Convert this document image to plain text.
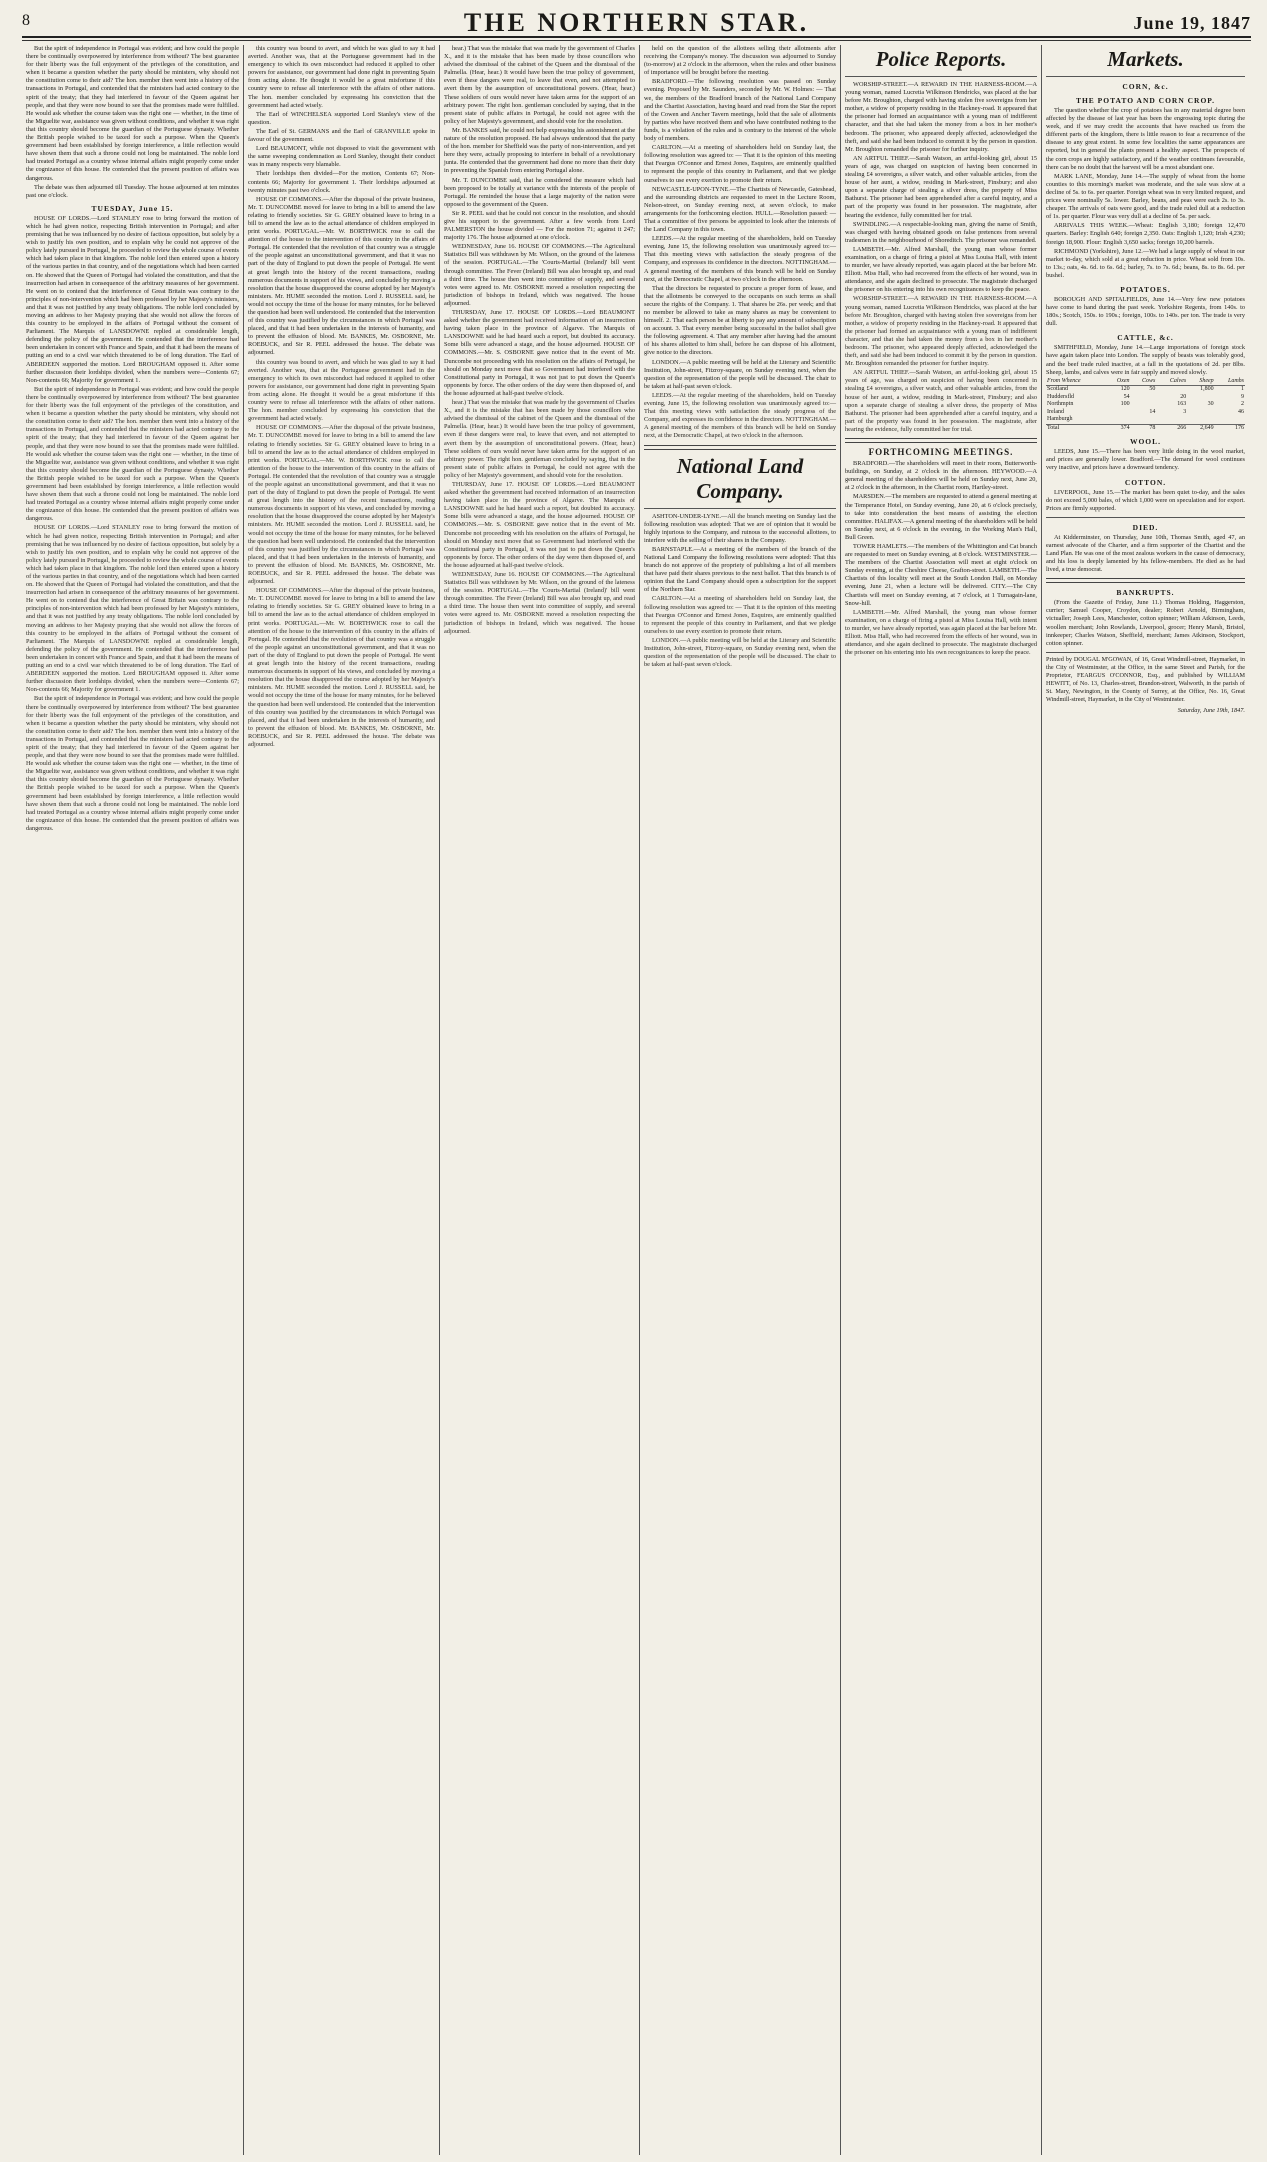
8	THE NORTHERN STAR.	June 19, 1847

But the spirit of independence in Portugal was evident; and how could the people there be continually overpowered by interference from without? The best guarantee for their liberty was the full enjoyment of the privileges of the constitution, and when it became a question whether the party should be ministers, why should not the constitution come to their aid? The hon. member then went into a history of the transactions in Portugal, and contended that the ministers had acted contrary to the spirit of the treaty; that they had interfered in favour of the Queen against her people, and that they were now bound to see that the promises made were fulfilled. He would ask whether the course taken was the right one — whether, in the time of the Miguelite war, assistance was given without conditions, and whether it was right that this country should become the guardian of the Portuguese dynasty. Whether the British people wished to be taxed for such a purpose. When the Queen's government had been established by foreign interference, a little reflection would have shown them that such a throne could not long be maintained. The noble lord had treated Portugal as a country whose internal affairs might properly come under the cognizance of this house. He contended that the present position of affairs was dangerous.

The debate was then adjourned till Tuesday. The house adjourned at ten minutes past one o'clock.

TUESDAY, June 15.

HOUSE OF LORDS.—Lord STANLEY rose to bring forward the motion of which he had given notice, respecting British intervention in Portugal; and after premising that he was influenced by no desire of factious opposition, but solely by a wish to justify his own position, and to explain why he could not approve of the policy lately pursued in Portugal, he proceeded to review the whole course of events which had taken place in that kingdom. The noble lord then entered upon a history of the various parties in that country, and of the negotiations which had been carried on. He showed that the Queen of Portugal had violated the constitution, and that the insurrection had arisen in consequence of the arbitrary measures of her government. He went on to contend that the interference of Great Britain was contrary to the principles of non-intervention which had been professed by her Majesty's ministers, and that it was not justified by any treaty obligations. The noble lord concluded by moving an address to her Majesty praying that she would not allow the forces of this country to be employed in the affairs of Portugal without the consent of Parliament. The Marquis of LANSDOWNE replied at considerable length, defending the policy of the government. He contended that the interference had been undertaken in concert with France and Spain, and that it had been the means of putting an end to a civil war which threatened to be of long duration. The Earl of ABERDEEN supported the motion. Lord BROUGHAM opposed it. After some further discussion their lordships divided, when the numbers were—Contents 67; Non-contents 66; Majority for government 1.

But the spirit of independence in Portugal was evident; and how could the people there be continually overpowered by interference from without? The best guarantee for their liberty was the full enjoyment of the privileges of the constitution, and when it became a question whether the party should be ministers, why should not the constitution come to their aid? The hon. member then went into a history of the transactions in Portugal, and contended that the ministers had acted contrary to the spirit of the treaty; that they had interfered in favour of the Queen against her people, and that they were now bound to see that the promises made were fulfilled. He would ask whether the course taken was the right one — whether, in the time of the Miguelite war, assistance was given without conditions, and whether it was right that this country should become the guardian of the Portuguese dynasty. Whether the British people wished to be taxed for such a purpose. When the Queen's government had been established by foreign interference, a little reflection would have shown them that such a throne could not long be maintained. The noble lord had treated Portugal as a country whose internal affairs might properly come under the cognizance of this house. He contended that the present position of affairs was dangerous.

HOUSE OF LORDS.—Lord STANLEY rose to bring forward the motion of which he had given notice, respecting British intervention in Portugal; and after premising that he was influenced by no desire of factious opposition, but solely by a wish to justify his own position, and to explain why he could not approve of the policy lately pursued in Portugal, he proceeded to review the whole course of events which had taken place in that kingdom. The noble lord then entered upon a history of the various parties in that country, and of the negotiations which had been carried on. He showed that the Queen of Portugal had violated the constitution, and that the insurrection had arisen in consequence of the arbitrary measures of her government. He went on to contend that the interference of Great Britain was contrary to the principles of non-intervention which had been professed by her Majesty's ministers, and that it was not justified by any treaty obligations. The noble lord concluded by moving an address to her Majesty praying that she would not allow the forces of this country to be employed in the affairs of Portugal without the consent of Parliament. The Marquis of LANSDOWNE replied at considerable length, defending the policy of the government. He contended that the interference had been undertaken in concert with France and Spain, and that it had been the means of putting an end to a civil war which threatened to be of long duration. The Earl of ABERDEEN supported the motion. Lord BROUGHAM opposed it. After some further discussion their lordships divided, when the numbers were—Contents 67; Non-contents 66; Majority for government 1.

But the spirit of independence in Portugal was evident; and how could the people there be continually overpowered by interference from without? The best guarantee for their liberty was the full enjoyment of the privileges of the constitution, and when it became a question whether the party should be ministers, why should not the constitution come to their aid? The hon. member then went into a history of the transactions in Portugal, and contended that the ministers had acted contrary to the spirit of the treaty; that they had interfered in favour of the Queen against her people, and that they were now bound to see that the promises made were fulfilled. He would ask whether the course taken was the right one — whether, in the time of the Miguelite war, assistance was given without conditions, and whether it was right that this country should become the guardian of the Portuguese dynasty. Whether the British people wished to be taxed for such a purpose. When the Queen's government had been established by foreign interference, a little reflection would have shown them that such a throne could not long be maintained. The noble lord had treated Portugal as a country whose internal affairs might properly come under the cognizance of this house. He contended that the present position of affairs was dangerous.

this country was bound to avert, and which he was glad to say it had averted. Another was, that at the Portuguese government had in the emergency to which its own misconduct had reduced it applied to other powers for assistance, our government had done right in preventing Spain from acting alone. He thought it would be a great misfortune if this country were to refuse all interference with the affairs of other nations. The hon. member concluded by expressing his conviction that the government had acted wisely.

The Earl of WINCHELSEA supported Lord Stanley's view of the question.

The Earl of St. GERMANS and the Earl of GRANVILLE spoke in favour of the government.

Lord BEAUMONT, while not disposed to visit the government with the same sweeping condemnation as Lord Stanley, thought their conduct was in many respects very blamable.

Their lordships then divided—For the motion, Contents 67; Non-contents 66; Majority for government 1. Their lordships adjourned at twenty minutes past two o'clock.

HOUSE OF COMMONS.—After the disposal of the private business, Mr. T. DUNCOMBE moved for leave to bring in a bill to amend the law relating to friendly societies. Sir G. GREY obtained leave to bring in a bill to amend the law as to the actual attendance of children employed in print works. PORTUGAL.—Mr. W. BORTHWICK rose to call the attention of the house to the intervention of this country in the affairs of Portugal. He contended that the revolution of that country was a struggle of the people against an unconstitutional government, and that it was no part of the duty of England to put down the people of Portugal. He went at great length into the history of the recent transactions, reading numerous documents in support of his views, and concluded by moving a resolution that the house disapproved the course adopted by her Majesty's ministers. Mr. HUME seconded the motion. Lord J. RUSSELL said, he would not occupy the time of the house for many minutes, for he believed the question had been well understood. He contended that the intervention of this country was justified by the circumstances in which Portugal was placed, and that it had been undertaken in the interests of humanity, and to prevent the effusion of blood. Mr. BANKES, Mr. OSBORNE, Mr. ROEBUCK, and Sir R. PEEL addressed the house. The debate was adjourned.

this country was bound to avert, and which he was glad to say it had averted. Another was, that at the Portuguese government had in the emergency to which its own misconduct had reduced it applied to other powers for assistance, our government had done right in preventing Spain from acting alone. He thought it would be a great misfortune if this country were to refuse all interference with the affairs of other nations. The hon. member concluded by expressing his conviction that the government had acted wisely.

HOUSE OF COMMONS.—After the disposal of the private business, Mr. T. DUNCOMBE moved for leave to bring in a bill to amend the law relating to friendly societies. Sir G. GREY obtained leave to bring in a bill to amend the law as to the actual attendance of children employed in print works. PORTUGAL.—Mr. W. BORTHWICK rose to call the attention of the house to the intervention of this country in the affairs of Portugal. He contended that the revolution of that country was a struggle of the people against an unconstitutional government, and that it was no part of the duty of England to put down the people of Portugal. He went at great length into the history of the recent transactions, reading numerous documents in support of his views, and concluded by moving a resolution that the house disapproved the course adopted by her Majesty's ministers. Mr. HUME seconded the motion. Lord J. RUSSELL said, he would not occupy the time of the house for many minutes, for he believed the question had been well understood. He contended that the intervention of this country was justified by the circumstances in which Portugal was placed, and that it had been undertaken in the interests of humanity, and to prevent the effusion of blood. Mr. BANKES, Mr. OSBORNE, Mr. ROEBUCK, and Sir R. PEEL addressed the house. The debate was adjourned.

HOUSE OF COMMONS.—After the disposal of the private business, Mr. T. DUNCOMBE moved for leave to bring in a bill to amend the law relating to friendly societies. Sir G. GREY obtained leave to bring in a bill to amend the law as to the actual attendance of children employed in print works. PORTUGAL.—Mr. W. BORTHWICK rose to call the attention of the house to the intervention of this country in the affairs of Portugal. He contended that the revolution of that country was a struggle of the people against an unconstitutional government, and that it was no part of the duty of England to put down the people of Portugal. He went at great length into the history of the recent transactions, reading numerous documents in support of his views, and concluded by moving a resolution that the house disapproved the course adopted by her Majesty's ministers. Mr. HUME seconded the motion. Lord J. RUSSELL said, he would not occupy the time of the house for many minutes, for he believed the question had been well understood. He contended that the intervention of this country was justified by the circumstances in which Portugal was placed, and that it had been undertaken in the interests of humanity, and to prevent the effusion of blood. Mr. BANKES, Mr. OSBORNE, Mr. ROEBUCK, and Sir R. PEEL addressed the house. The debate was adjourned.

hear.) That was the mistake that was made by the government of Charles X., and it is the mistake that has been made by those councillors who advised the dismissal of the cabinet of the Queen and the dismissal of the Palmella. (Hear, hear.) It would have been the true policy of government, even if these dangers were real, to leave that even, and not attempted to avert them by the assumption of unconstitutional powers. (Hear, hear.) These soldiers of ours would never have taken arms for the support of an arbitrary power. The right hon. gentleman concluded by saying, that in the present state of public affairs in Portugal, he could not agree with the policy of her Majesty's government, and should vote for the resolution.

Mr. BANKES said, he could not help expressing his astonishment at the nature of the resolution proposed. He had always understood that the party of the hon. member for Sheffield was the party of non-intervention, and yet here they were, actually proposing to interfere in behalf of a revolutionary junta. He contended that the government had done no more than their duty in preventing the Spanish from entering Portugal alone.

Mr. T. DUNCOMBE said, that he considered the measure which had been proposed to be totally at variance with the interests of the people of Portugal. He reminded the house that a large majority of the nation were opposed to the government of the Queen.

Sir R. PEEL said that he could not concur in the resolution, and should give his support to the government. After a few words from Lord PALMERSTON the house divided — For the motion 71; against it 247; majority 176. The house adjourned at one o'clock.

WEDNESDAY, June 16. HOUSE OF COMMONS.—The Agricultural Statistics Bill was withdrawn by Mr. Wilson, on the ground of the lateness of the session. PORTUGAL.—The 'Courts-Martial (Ireland)' bill went through committee. The Fever (Ireland) Bill was also brought up, and read a third time. The house then went into committee of supply, and several votes were agreed to. Mr. OSBORNE moved a resolution respecting the jurisdiction of bishops in Ireland, which was negatived. The house adjourned.

THURSDAY, June 17. HOUSE OF LORDS.—Lord BEAUMONT asked whether the government had received information of an insurrection having taken place in the province of Algarve. The Marquis of LANSDOWNE said he had heard such a report, but doubted its accuracy. Some bills were advanced a stage, and the house adjourned. HOUSE OF COMMONS.—Mr. S. OSBORNE gave notice that in the event of Mr. Duncombe not proceeding with his resolution on the affairs of Portugal, he should on Monday next move that so Government had interfered with the Constitutional party in Portugal, it was not just to put down the Queen's opponents by force. The other orders of the day were then disposed of, and the house adjourned at half-past twelve o'clock.

hear.) That was the mistake that was made by the government of Charles X., and it is the mistake that has been made by those councillors who advised the dismissal of the cabinet of the Queen and the dismissal of the Palmella. (Hear, hear.) It would have been the true policy of government, even if these dangers were real, to leave that even, and not attempted to avert them by the assumption of unconstitutional powers. (Hear, hear.) These soldiers of ours would never have taken arms for the support of an arbitrary power. The right hon. gentleman concluded by saying, that in the present state of public affairs in Portugal, he could not agree with the policy of her Majesty's government, and should vote for the resolution.

THURSDAY, June 17. HOUSE OF LORDS.—Lord BEAUMONT asked whether the government had received information of an insurrection having taken place in the province of Algarve. The Marquis of LANSDOWNE said he had heard such a report, but doubted its accuracy. Some bills were advanced a stage, and the house adjourned. HOUSE OF COMMONS.—Mr. S. OSBORNE gave notice that in the event of Mr. Duncombe not proceeding with his resolution on the affairs of Portugal, he should on Monday next move that so Government had interfered with the Constitutional party in Portugal, it was not just to put down the Queen's opponents by force. The other orders of the day were then disposed of, and the house adjourned at half-past twelve o'clock.

WEDNESDAY, June 16. HOUSE OF COMMONS.—The Agricultural Statistics Bill was withdrawn by Mr. Wilson, on the ground of the lateness of the session. PORTUGAL.—The 'Courts-Martial (Ireland)' bill went through committee. The Fever (Ireland) Bill was also brought up, and read a third time. The house then went into committee of supply, and several votes were agreed to. Mr. OSBORNE moved a resolution respecting the jurisdiction of bishops in Ireland, which was negatived. The house adjourned.

held on the question of the allottees selling their allotments after receiving the Company's money. The discussion was adjourned to Sunday (to-morrow) at 2 o'clock in the afternoon, when the rules and other business of importance will be brought before the meeting.

BRADFORD.—The following resolution was passed on Sunday evening. Proposed by Mr. Saunders, seconded by Mr. W. Holmes: — That we, the members of the Bradford branch of the National Land Company and the Chartist Association, having heard and read from the Star the report of the Cowen and Ancher Tavern meetings, hold that the sale of allotments by parties who have received them and who have contributed nothing to the funds, is a violation of the rules and is contrary to the interest of the whole body of members.

CARLTON.—At a meeting of shareholders held on Sunday last, the following resolution was agreed to: — That it is the opinion of this meeting that Feargus O'Connor and Ernest Jones, Esquires, are eminently qualified to represent the people of this country in Parliament, and that we pledge ourselves to use every exertion to promote their return.

NEWCASTLE-UPON-TYNE.—The Chartists of Newcastle, Gateshead, and the surrounding districts are requested to meet in the Lecture Room, Nelson-street, on Sunday evening next, at seven o'clock, to make arrangements for the forthcoming election. HULL.—Resolution passed: — That a committee of five persons be appointed to look after the interests of the Land Company in this town.

LEEDS.—At the regular meeting of the shareholders, held on Tuesday evening, June 15, the following resolution was unanimously agreed to:—That this meeting views with satisfaction the steady progress of the Company, and expresses its confidence in the directors. NOTTINGHAM.—A general meeting of the members of this branch will be held on Sunday next, at the Democratic Chapel, at two o'clock in the afternoon.

That the directors be requested to procure a proper form of lease, and that the allotments be conveyed to the occupants on such terms as shall secure the rights of the Company. 1. That shares be 26s. per week; and that no member be allowed to take as many shares as may be convenient to himself. 2. That each person be at liberty to pay any amount of subscription on account. 3. That every member being successful in the ballot shall give the following agreement. 4. That any member after having had the amount of his shares allotted to him shall, before he can dispose of his allotment, give notice to the directors.

LONDON.—A public meeting will be held at the Literary and Scientific Institution, John-street, Fitzroy-square, on Sunday evening next, when the question of the representation of the people will be discussed. The chair to be taken at half-past seven o'clock.

LEEDS.—At the regular meeting of the shareholders, held on Tuesday evening, June 15, the following resolution was unanimously agreed to:—That this meeting views with satisfaction the steady progress of the Company, and expresses its confidence in the directors. NOTTINGHAM.—A general meeting of the members of this branch will be held on Sunday next, at the Democratic Chapel, at two o'clock in the afternoon.

National Land Company.

ASHTON-UNDER-LYNE.—All the branch meeting on Sunday last the following resolution was adopted: That we are of opinion that it would be highly injurious to the Company, and ruinous to the successful allottees, to interfere with the selling of their shares in the Company.

BARNSTAPLE.—At a meeting of the members of the branch of the National Land Company the following resolutions were adopted: That this branch do not approve of the propriety of publishing a list of all members that have paid their shares previous to the next ballot. That this branch is of opinion that the Land Company should open a subscription for the support of the Northern Star.

CARLTON.—At a meeting of shareholders held on Sunday last, the following resolution was agreed to: — That it is the opinion of this meeting that Feargus O'Connor and Ernest Jones, Esquires, are eminently qualified to represent the people of this country in Parliament, and that we pledge ourselves to use every exertion to promote their return.

LONDON.—A public meeting will be held at the Literary and Scientific Institution, John-street, Fitzroy-square, on Sunday evening next, when the question of the representation of the people will be discussed. The chair to be taken at half-past seven o'clock.

Police Reports.

WORSHIP-STREET.—A REWARD IN THE HARNESS-ROOM.—A young woman, named Lucretia Wilkinson Hendricks, was placed at the bar before Mr. Broughton, charged with having stolen five sovereigns from her mother, a widow of property residing in the Hackney-road. It appeared that the prisoner had formed an acquaintance with a young man of indifferent character, and that she had taken the money from a box in her mother's bedroom. The prisoner, who appeared deeply affected, acknowledged the theft, and said she had been induced to commit it by the person in question. Mr. Broughton remanded the prisoner for further inquiry.

AN ARTFUL THIEF.—Sarah Watson, an artful-looking girl, about 15 years of age, was charged on suspicion of having been concerned in stealing £4 sovereigns, a silver watch, and other valuable articles, from the house of her aunt, a widow, residing in Mark-street, Finsbury; and also upon a separate charge of stealing a silver dress, the property of Miss Bathurst. The prisoner had been apprehended after a careful inquiry, and a part of the property was found in her possession. The magistrate, after hearing the evidence, fully committed her for trial.

SWINDLING.—A respectable-looking man, giving the name of Smith, was charged with having obtained goods on false pretences from several tradesmen in the neighbourhood of Shoreditch. The prisoner was remanded.

LAMBETH.—Mr. Alfred Marshall, the young man whose former examination, on a charge of firing a pistol at Miss Louisa Hall, with intent to murder, we have already reported, was again placed at the bar before Mr. Elliott. Miss Hall, who had recovered from the effects of her wound, was in attendance, and she again declined to prosecute. The magistrate discharged the prisoner on his entering into his own recognizances to keep the peace.

WORSHIP-STREET.—A REWARD IN THE HARNESS-ROOM.—A young woman, named Lucretia Wilkinson Hendricks, was placed at the bar before Mr. Broughton, charged with having stolen five sovereigns from her mother, a widow of property residing in the Hackney-road. It appeared that the prisoner had formed an acquaintance with a young man of indifferent character, and that she had taken the money from a box in her mother's bedroom. The prisoner, who appeared deeply affected, acknowledged the theft, and said she had been induced to commit it by the person in question. Mr. Broughton remanded the prisoner for further inquiry.

AN ARTFUL THIEF.—Sarah Watson, an artful-looking girl, about 15 years of age, was charged on suspicion of having been concerned in stealing £4 sovereigns, a silver watch, and other valuable articles, from the house of her aunt, a widow, residing in Mark-street, Finsbury; and also upon a separate charge of stealing a silver dress, the property of Miss Bathurst. The prisoner had been apprehended after a careful inquiry, and a part of the property was found in her possession. The magistrate, after hearing the evidence, fully committed her for trial.

FORTHCOMING MEETINGS.

BRADFORD.—The shareholders will meet in their room, Butterworth-buildings, on Sunday, at 2 o'clock in the afternoon. HEYWOOD.—A general meeting of the shareholders will be held on Sunday next, June 20, at 2 o'clock in the afternoon, in the Chartist room, Hartley-street.

MARSDEN.—The members are requested to attend a general meeting at the Temperance Hotel, on Sunday evening, June 20, at 6 o'clock precisely, to take into consideration the best means of assisting the election committee. HALIFAX.—A general meeting of the shareholders will be held on Sunday next, at 6 o'clock in the evening, in the Working Man's Hall, Bull Green.

TOWER HAMLETS.—The members of the Whittington and Cat branch are requested to meet on Sunday evening, at 8 o'clock. WESTMINSTER.—The members of the Chartist Association will meet at eight o'clock on Sunday evening, at the Cheshire Cheese, Grafton-street. LAMBETH.—The Chartists of this locality will meet at the South London Hall, on Monday evening, June 21, when a lecture will be delivered. CITY.—The City Chartists will meet on Sunday evening, at 7 o'clock, at 1 Turnagain-lane, Snow-hill.

LAMBETH.—Mr. Alfred Marshall, the young man whose former examination, on a charge of firing a pistol at Miss Louisa Hall, with intent to murder, we have already reported, was again placed at the bar before Mr. Elliott. Miss Hall, who had recovered from the effects of her wound, was in attendance, and she again declined to prosecute. The magistrate discharged the prisoner on his entering into his own recognizances to keep the peace.

Markets.
CORN, &c.
THE POTATO AND CORN CROP.

The question whether the crop of potatoes has in any material degree been affected by the disease of last year has been the engrossing topic during the week, and if we may credit the accounts that have reached us from the different parts of the kingdom, there is little reason to fear a recurrence of the disease to any great extent. In some few localities the same appearances are reported, but in general the plants present a healthy aspect. The prospects of the corn crops are highly satisfactory, and if the weather continues favourable, there can be no doubt that the harvest will be a most abundant one.

MARK LANE, Monday, June 14.—The supply of wheat from the home counties to this morning's market was moderate, and the sale was slow at a decline of 5s. to 6s. per quarter. Foreign wheat was in very limited request, and prices were nominally 5s. lower. Barley, beans, and peas were each 2s. to 3s. cheaper. The arrivals of oats were good, and the trade ruled dull at a reduction of 1s. per quarter. Flour was very dull at a decline of 5s. per sack.

ARRIVALS THIS WEEK.—Wheat: English 3,180; foreign 12,470 quarters. Barley: English 640; foreign 2,350. Oats: English 1,120; Irish 4,230; foreign 18,900. Flour: English 3,650 sacks; foreign 10,200 barrels.

RICHMOND (Yorkshire), June 12.—We had a large supply of wheat in our market to-day, which sold at a great reduction in price. Wheat sold from 10s. to 13s.; oats, 4s. 6d. to 6s. 6d.; barley, 7s. to 7s. 6d.; beans, 8s. to 8s. 6d. per bushel.

POTATOES.

BOROUGH AND SPITALFIELDS, June 14.—Very few new potatoes have come to hand during the past week. Yorkshire Regents, from 140s. to 180s.; Scotch, 150s. to 190s.; foreign, 100s. to 140s. per ton. The trade is very dull.

CATTLE, &c.

SMITHFIELD, Monday, June 14.—Large importations of foreign stock have again taken place into London. The supply of beasts was tolerably good, and the beef trade ruled inactive, at a fall in the quotations of 2d. per 8lbs. Sheep, lambs, and calves were in fair supply and moved slowly.

From Whence	Oxen	Cows	Calves	Sheep	Lambs
Scotland	120	50		1,800	1
Huddersfld	54		20		9
Northmptn	100		163	30	2
Ireland		14	3		46
Hamburgh					
Total	374	78	266	2,649	176
WOOL.

LEEDS, June 15.—There has been very little doing in the wool market, and prices are generally lower. Bradford.—The demand for wool continues very inactive, and prices have a downward tendency.

COTTON.

LIVERPOOL, June 15.—The market has been quiet to-day, and the sales do not exceed 5,000 bales, of which 1,000 were on speculation and for export. Prices are firmly supported.

DIED.

At Kidderminster, on Thursday, June 10th, Thomas Smith, aged 47, an earnest advocate of the Charter, and a firm supporter of the Chartist and the Land Plan. He was one of the most zealous workers in the cause of democracy, and his loss is deeply lamented by his fellow-members. He died as he had lived, a true democrat.

BANKRUPTS.

(From the Gazette of Friday, June 11.) Thomas Holding, Haggerston, currier; Samuel Cooper, Croydon, dealer; Robert Arnold, Birmingham, victualler; Joseph Lees, Manchester, cotton spinner; William Atkinson, Leeds, woollen merchant; John Rowlands, Liverpool, grocer; Henry Marsh, Bristol, innkeeper; Charles Watson, Sheffield, merchant; James Atkinson, Stockport, cotton spinner.

Printed by DOUGAL M'GOWAN, of 16, Great Windmill-street, Haymarket, in the City of Westminster, at the Office, in the same Street and Parish, for the Proprietor, FEARGUS O'CONNOR, Esq., and published by WILLIAM HEWITT, of No. 13, Charles-street, Brandon-street, Walworth, in the parish of St. Mary, Newington, in the County of Surrey, at the Office, No. 16, Great Windmill-street, Haymarket, in the City of Westminster.
Saturday, June 19th, 1847.
